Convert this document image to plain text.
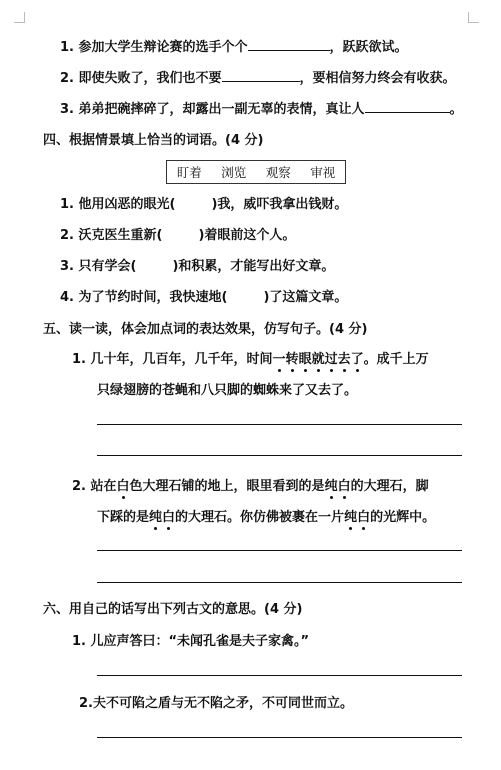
1. 参加大学生辩论赛的选手个个	，跃跃欲试。
2. 即使失败了，我们也不要	，要相信努力终会有收获。
3. 弟弟把碗摔碎了，却露出一副无辜的表情，真让人	。
四、根据情景填上恰当的词语。(4 分)
盯着 浏览 观察 审视
1. 他用凶恶的眼光(	)我，威吓我拿出钱财。
2. 沃克医生重新(	)着眼前这个人。
3. 只有学会(	)和积累，才能写出好文章。
4. 为了节约时间，我快速地(	)了这篇文章。
五、读一读，体会加点词的表达效果，仿写句子。(4 分)
1. 几十年，几百年，几千年，时间一转眼就过去了。成千上万
只绿翅膀的苍蝇和八只脚的蜘蛛来了又去了。
2. 站在白色大理石铺的地上，眼里看到的是纯白的大理石，脚
下踩的是纯白的大理石。你仿佛被裹在一片纯白的光辉中。
六、用自己的话写出下列古文的意思。(4 分)
1. 儿应声答曰：“未闻孔雀是夫子家禽。”
2.夫不可陷之盾与无不陷之矛，不可同世而立。
